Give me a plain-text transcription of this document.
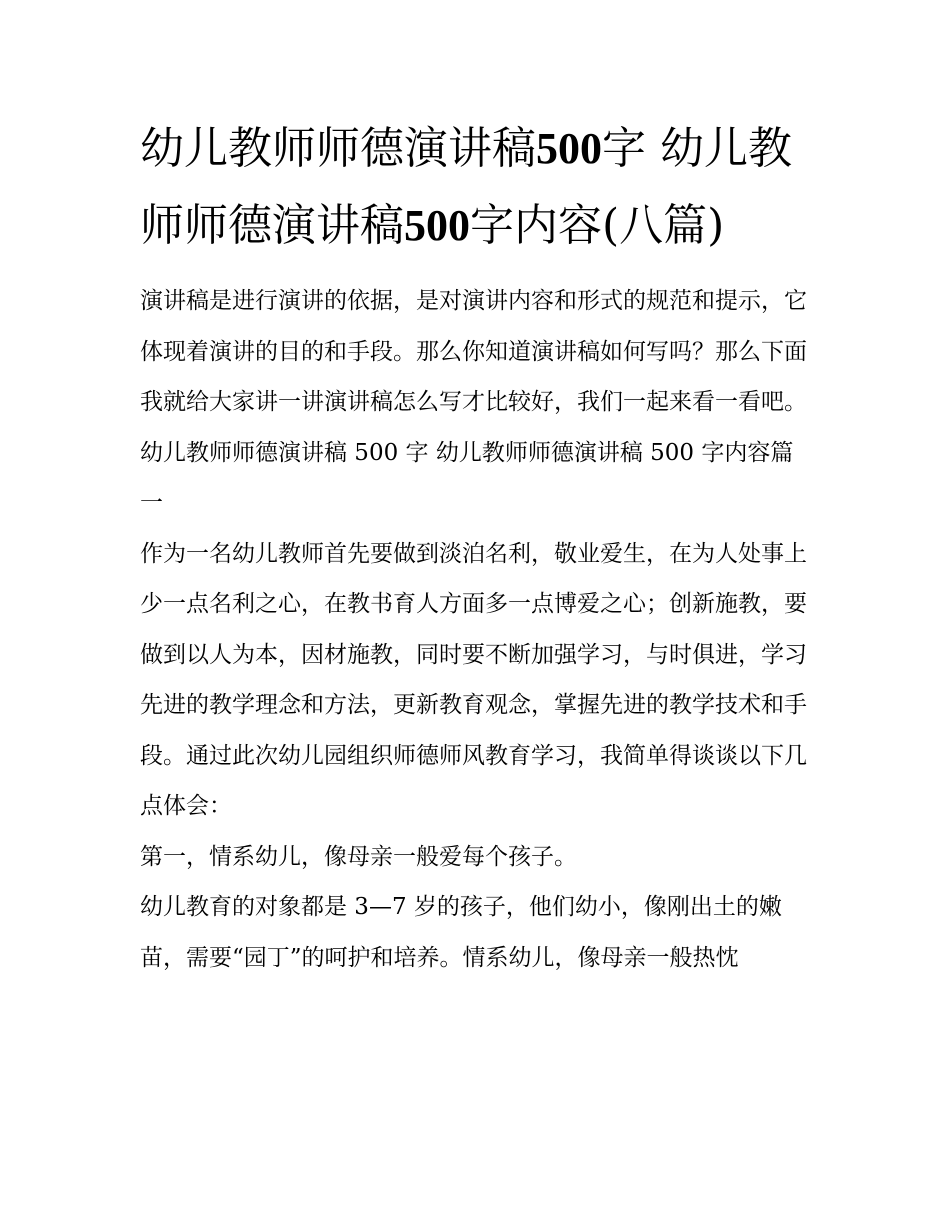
幼儿教师师德演讲稿500字 幼儿教师师德演讲稿500字内容(八篇)

演讲稿是进行演讲的依据，是对演讲内容和形式的规范和提示，它体现着演讲的目的和手段。那么你知道演讲稿如何写吗？那么下面我就给大家讲一讲演讲稿怎么写才比较好，我们一起来看一看吧。

幼儿教师师德演讲稿 500 字 幼儿教师师德演讲稿 500 字内容篇一

作为一名幼儿教师首先要做到淡泊名利，敬业爱生，在为人处事上少一点名利之心，在教书育人方面多一点博爱之心；创新施教，要做到以人为本，因材施教，同时要不断加强学习，与时俱进，学习先进的教学理念和方法，更新教育观念，掌握先进的教学技术和手段。通过此次幼儿园组织师德师风教育学习，我简单得谈谈以下几点体会：

第一，情系幼儿，像母亲一般爱每个孩子。

幼儿教育的对象都是 3—7 岁的孩子，他们幼小，像刚出土的嫩苗，需要“园丁”的呵护和培养。情系幼儿，像母亲一般热忱
